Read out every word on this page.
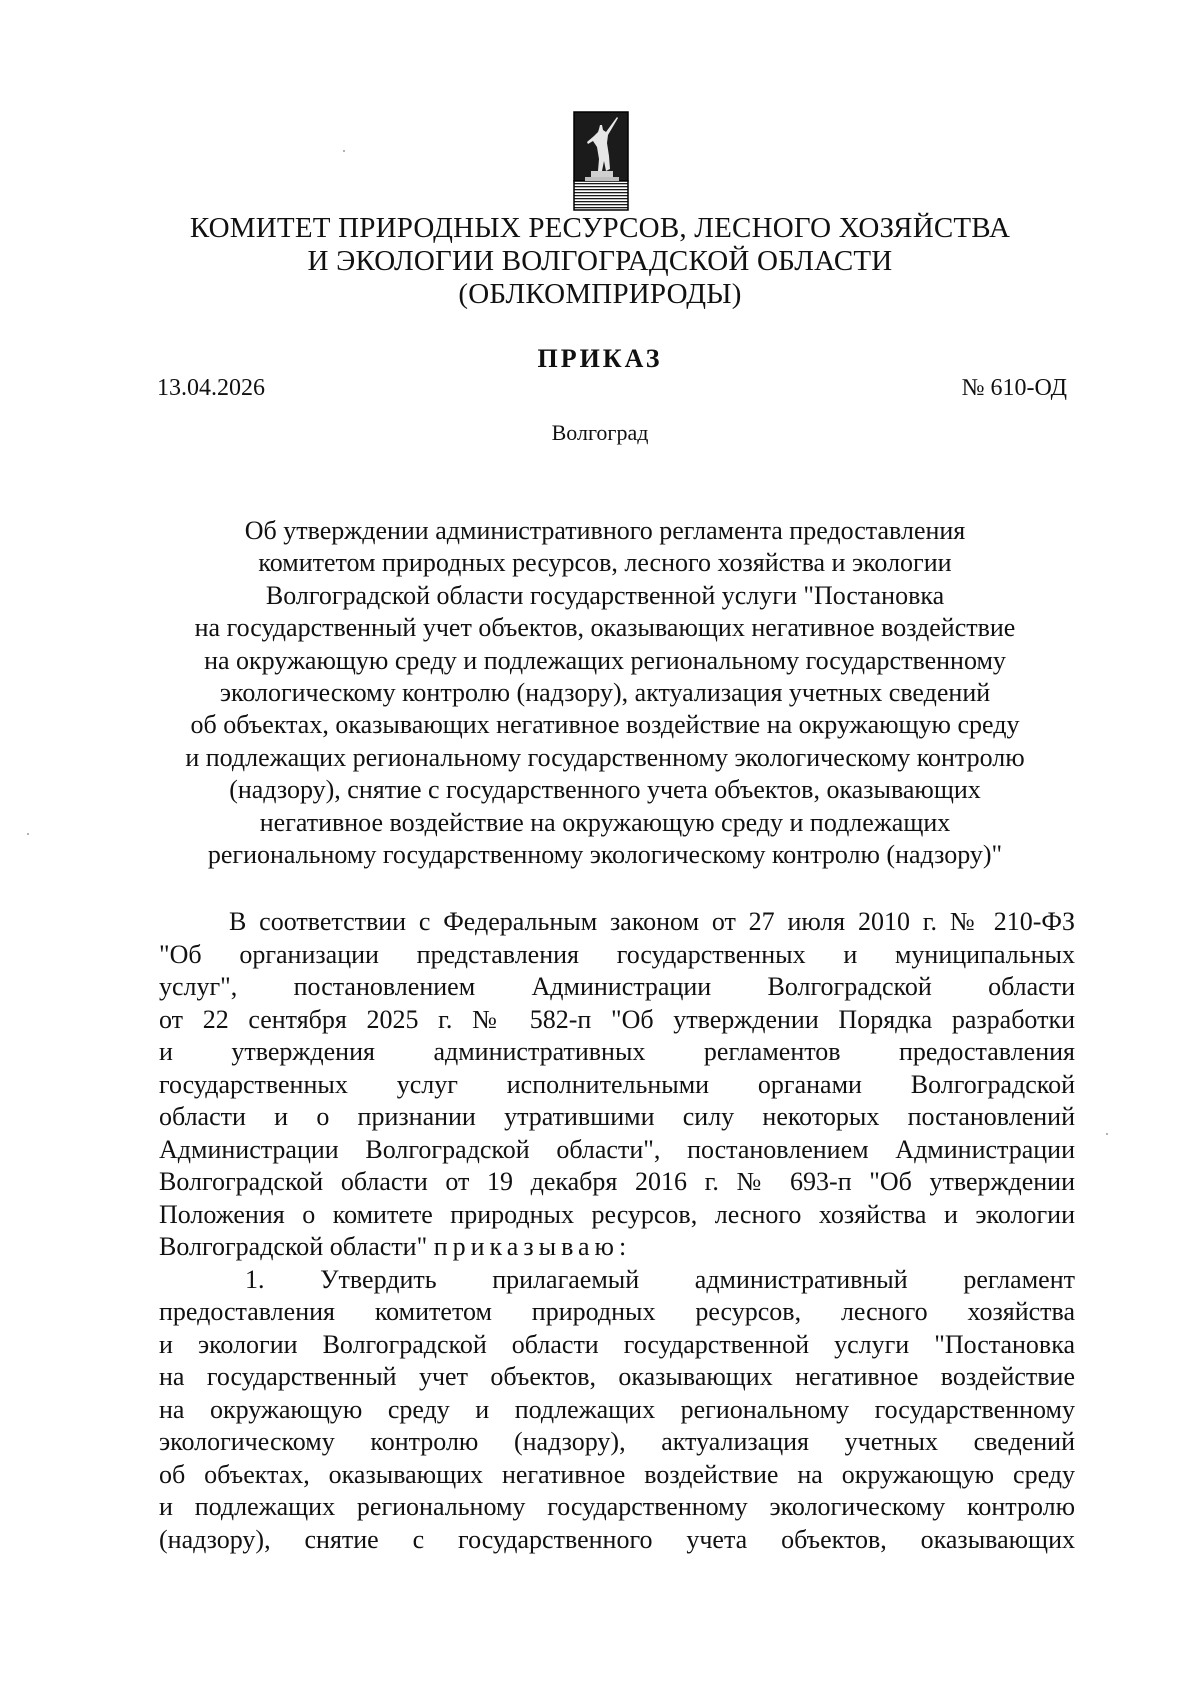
КОМИТЕТ ПРИРОДНЫХ РЕСУРСОВ, ЛЕСНОГО ХОЗЯЙСТВА
И ЭКОЛОГИИ ВОЛГОГРАДСКОЙ ОБЛАСТИ
(ОБЛКОМПРИРОДЫ)
ПРИКАЗ
13.04.2026	№ 610-ОД
Волгоград
Об утверждении административного регламента предоставления
комитетом природных ресурсов, лесного хозяйства и экологии
Волгоградской области государственной услуги "Постановка
на государственный учет объектов, оказывающих негативное воздействие
на окружающую среду и подлежащих региональному государственному
экологическому контролю (надзору), актуализация учетных сведений
об объектах, оказывающих негативное воздействие на окружающую среду
и подлежащих региональному государственному экологическому контролю
(надзору), снятие с государственного учета объектов, оказывающих
негативное воздействие на окружающую среду и подлежащих
региональному государственному экологическому контролю (надзору)"
В соответствии с Федеральным законом от 27 июля 2010 г. № 210-ФЗ
"Об организации представления государственных и муниципальных
услуг", постановлением Администрации Волгоградской области
от 22 сентября 2025 г. № 582-п "Об утверждении Порядка разработки
и утверждения административных регламентов предоставления
государственных услуг исполнительными органами Волгоградской
области и о признании утратившими силу некоторых постановлений
Администрации Волгоградской области", постановлением Администрации
Волгоградской области от 19 декабря 2016 г. № 693-п "Об утверждении
Положения о комитете природных ресурсов, лесного хозяйства и экологии
Волгоградской области" приказываю:
1. Утвердить прилагаемый административный регламент
предоставления комитетом природных ресурсов, лесного хозяйства
и экологии Волгоградской области государственной услуги "Постановка
на государственный учет объектов, оказывающих негативное воздействие
на окружающую среду и подлежащих региональному государственному
экологическому контролю (надзору), актуализация учетных сведений
об объектах, оказывающих негативное воздействие на окружающую среду
и подлежащих региональному государственному экологическому контролю
(надзору), снятие с государственного учета объектов, оказывающих
